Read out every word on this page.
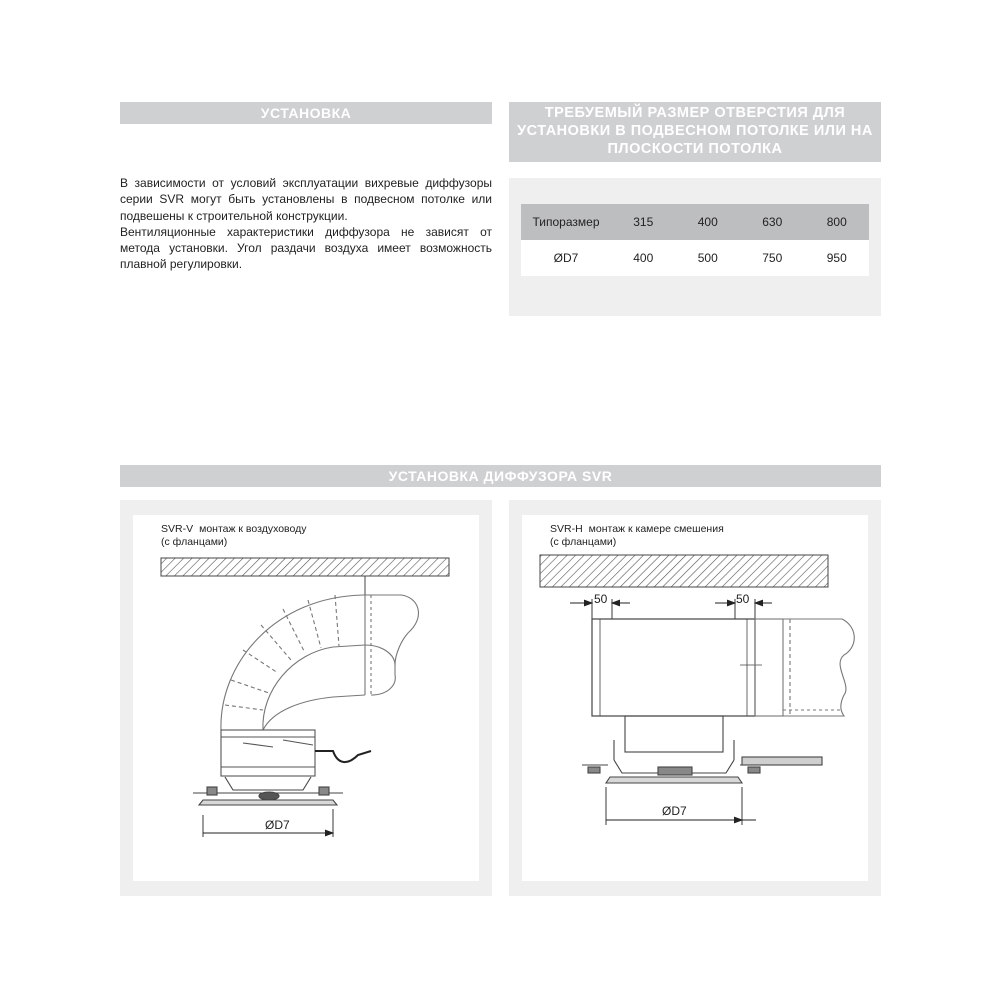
УСТАНОВКА	ТРЕБУЕМЫЙ РАЗМЕР ОТВЕРСТИЯ ДЛЯ УСТАНОВКИ В ПОДВЕСНОМ ПОТОЛКЕ ИЛИ НА ПЛОСКОСТИ ПОТОЛКА
УСТАНОВКА ДИФФУЗОРА SVR

В зависимости от условий эксплуатации вихревые диффузоры серии SVR могут быть установлены в подвесном потолке или подвешены к строительной конструкции.

Вентиляционные характеристики диффузора не зависят от метода установки. Угол раздачи воздуха имеет возможность плавной регулировки.

Типоразмер	315	400	630	800
ØD7	400	500	750	950
SVR-V монтаж к воздуховоду
(с фланцами)
ØD7
SVR-H монтаж к камере смешения
(с фланцами)
50	50
ØD7
